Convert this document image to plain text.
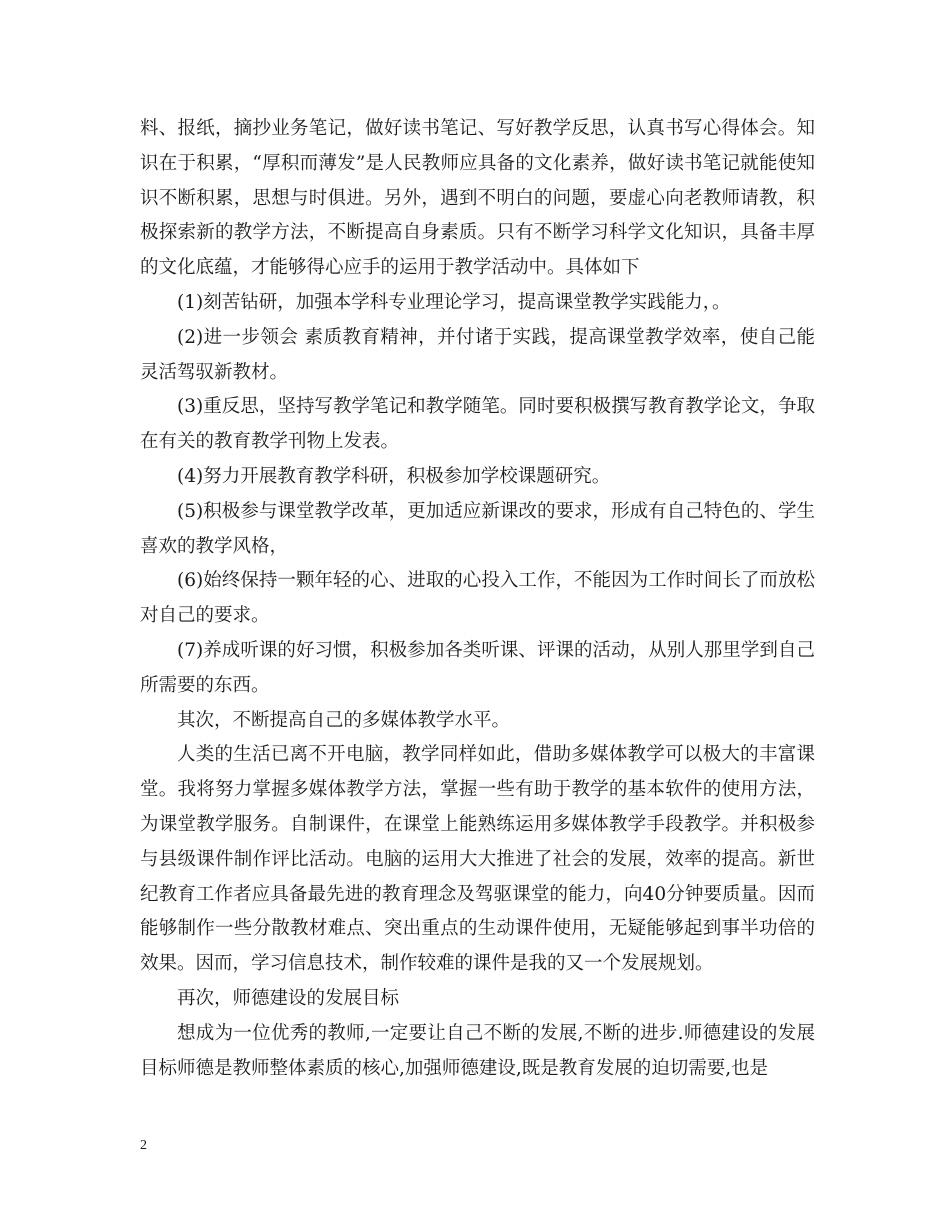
料、报纸，摘抄业务笔记，做好读书笔记、写好教学反思，认真书写心得体会。知识在于积累，“厚积而薄发”是人民教师应具备的文化素养，做好读书笔记就能使知识不断积累，思想与时俱进。另外，遇到不明白的问题，要虚心向老教师请教，积极探索新的教学方法，不断提高自身素质。只有不断学习科学文化知识，具备丰厚的文化底蕴，才能够得心应手的运用于教学活动中。具体如下

(1)刻苦钻研，加强本学科专业理论学习，提高课堂教学实践能力，。

(2)进一步领会 素质教育精神，并付诸于实践，提高课堂教学效率，使自己能灵活驾驭新教材。

(3)重反思，坚持写教学笔记和教学随笔。同时要积极撰写教育教学论文，争取在有关的教育教学刊物上发表。

(4)努力开展教育教学科研，积极参加学校课题研究。

(5)积极参与课堂教学改革，更加适应新课改的要求，形成有自己特色的、学生喜欢的教学风格，

(6)始终保持一颗年轻的心、进取的心投入工作，不能因为工作时间长了而放松对自己的要求。

(7)养成听课的好习惯，积极参加各类听课、评课的活动，从别人那里学到自己所需要的东西。

其次，不断提高自己的多媒体教学水平。

人类的生活已离不开电脑，教学同样如此，借助多媒体教学可以极大的丰富课堂。我将努力掌握多媒体教学方法，掌握一些有助于教学的基本软件的使用方法，为课堂教学服务。自制课件，在课堂上能熟练运用多媒体教学手段教学。并积极参与县级课件制作评比活动。电脑的运用大大推进了社会的发展，效率的提高。新世纪教育工作者应具备最先进的教育理念及驾驱课堂的能力，向40分钟要质量。因而能够制作一些分散教材难点、突出重点的生动课件使用，无疑能够起到事半功倍的效果。因而，学习信息技术，制作较难的课件是我的又一个发展规划。

再次，师德建设的发展目标

想成为一位优秀的教师,一定要让自己不断的发展,不断的进步.师德建设的发展目标师德是教师整体素质的核心,加强师德建设,既是教育发展的迫切需要,也是

2
